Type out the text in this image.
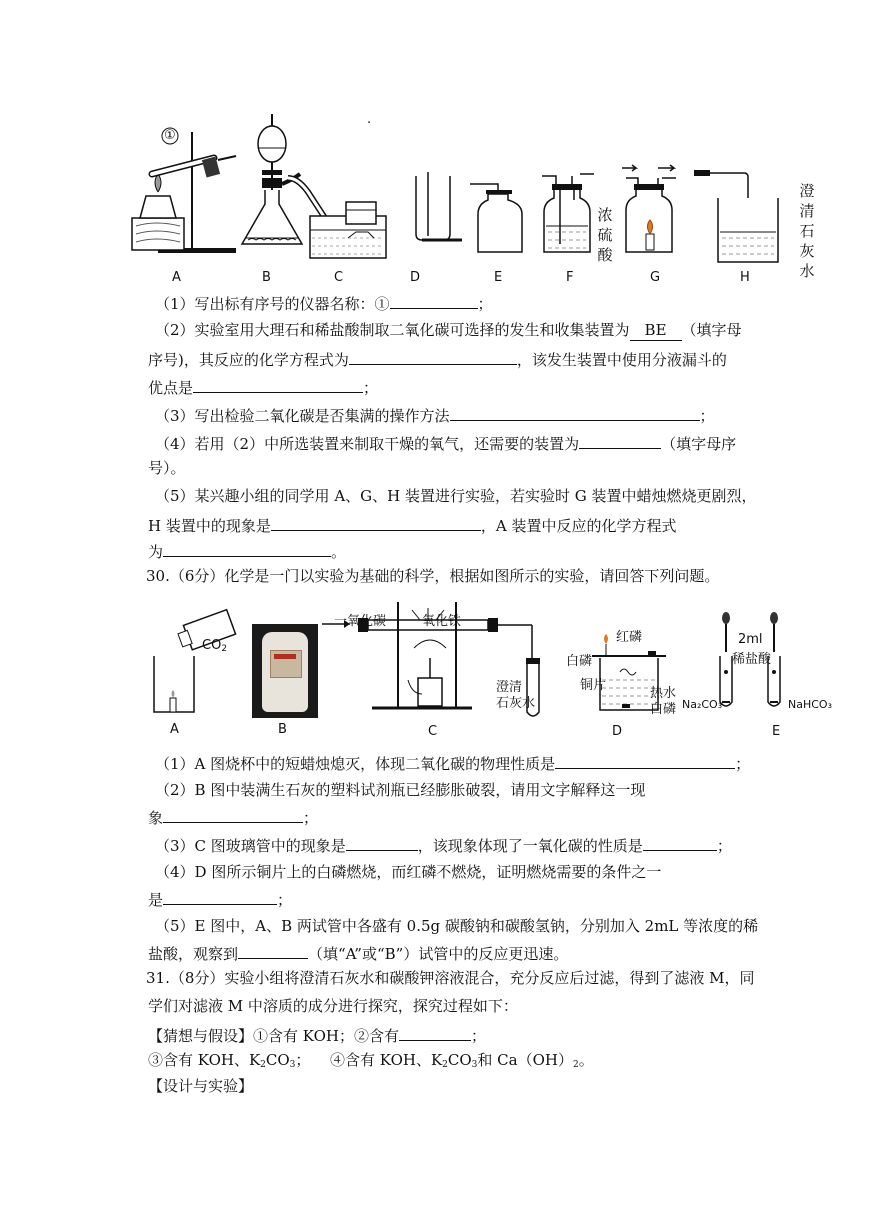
.
①
浓
硫
酸
澄
清
石
灰
水
A	B	C	D	E	F	G	H
（1）写出标有序号的仪器名称：①	；
（2）实验室用大理石和稀盐酸制取二氧化碳可选择的发生和收集装置为 BE （填字母
序号)，其反应的化学方程式为	，该发生装置中使用分液漏斗的
优点是	；
（3）写出检验二氧化碳是否集满的操作方法	；
（4）若用（2）中所选装置来制取干燥的氧气，还需要的装置为	（填字母序
号）。
（5）某兴趣小组的同学用 A、G、H 装置进行实验，若实验时 G 装置中蜡烛燃烧更剧烈，
H 装置中的现象是	，A 装置中反应的化学方程式
为	。
30.（6分）化学是一门以实验为基础的科学，根据如图所示的实验，请回答下列问题。
$CO_2$
一氧化碳	氧化铁
澄清
石灰水
红磷
白磷
铜片
热水
白磷
2ml
稀盐酸
Na₂CO₃	NaHCO₃
A	B	C	D	E
（1）A 图烧杯中的短蜡烛熄灭，体现二氧化碳的物理性质是	；
（2）B 图中装满生石灰的塑料试剂瓶已经膨胀破裂，请用文字解释这一现
象	；
（3）C 图玻璃管中的现象是	，该现象体现了一氧化碳的性质是	；
（4）D 图所示铜片上的白磷燃烧，而红磷不燃烧，证明燃烧需要的条件之一
是	；
（5）E 图中，A、B 两试管中各盛有 0.5g 碳酸钠和碳酸氢钠，分别加入 2mL 等浓度的稀
盐酸，观察到	（填“A”或“B”）试管中的反应更迅速。
31.（8分）实验小组将澄清石灰水和碳酸钾溶液混合，充分反应后过滤，得到了滤液 M，同
学们对滤液 M 中溶质的成分进行探究，探究过程如下：
【猜想与假设】①含有 KOH；②含有	；
③含有 KOH、$K_2CO_3$； ④含有 KOH、$K_2CO_3$和 $Ca(OH)_2$。
【设计与实验】
